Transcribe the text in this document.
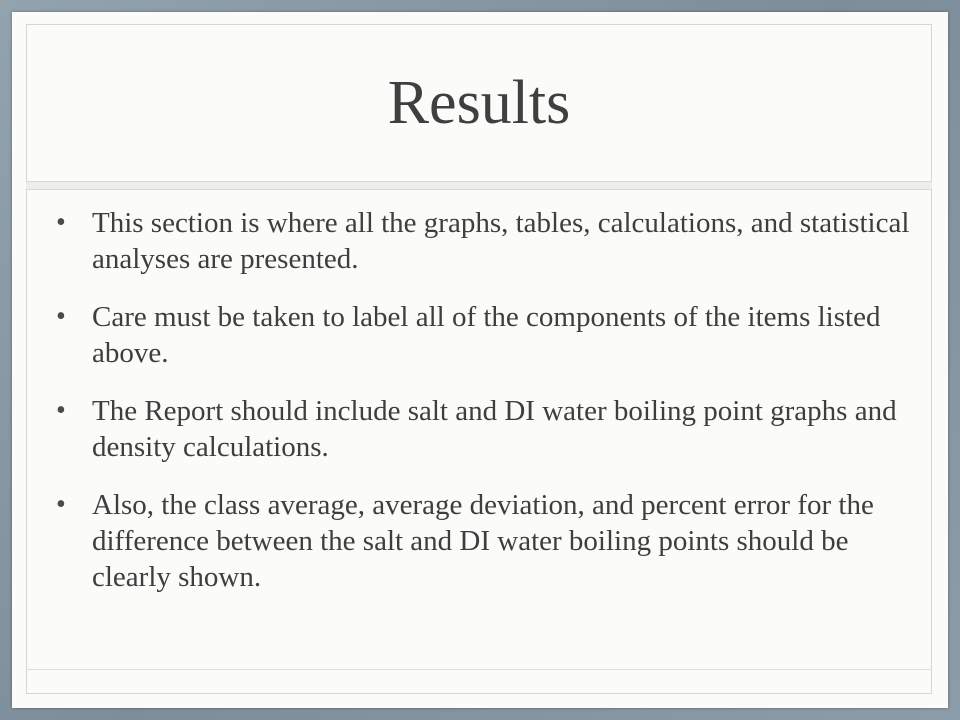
Results
• This section is where all the graphs, tables, calculations, and statistical analyses are presented.
• Care must be taken to label all of the components of the items listed above.
• The Report should include salt and DI water boiling point graphs and density calculations.
• Also, the class average, average deviation, and percent error for the difference between the salt and DI water boiling points should be clearly shown.
